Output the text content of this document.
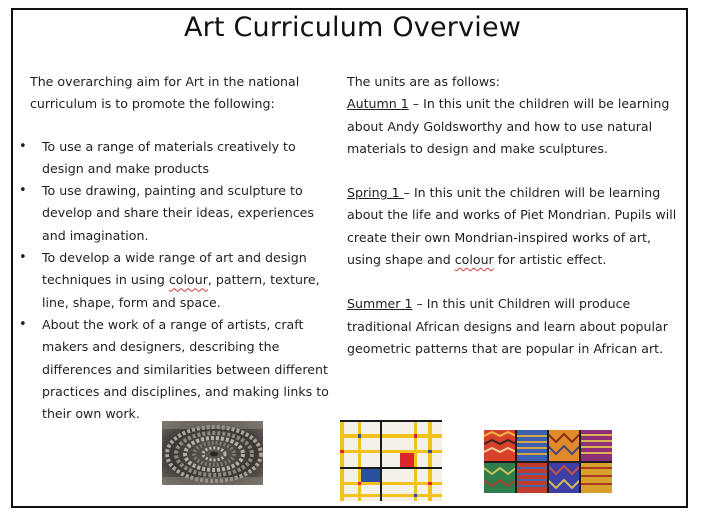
Art Curriculum Overview

The overarching aim for Art in the national curriculum is to promote the following:

• To use a range of materials creatively to design and make products
• To use drawing, painting and sculpture to develop and share their ideas, experiences and imagination.
• To develop a wide range of art and design techniques in using colour, pattern, texture, line, shape, form and space.
• About the work of a range of artists, craft makers and designers, describing the differences and similarities between different practices and disciplines, and making links to their own work.

The units are as follows:
Autumn 1 – In this unit the children will be learning about Andy Goldsworthy and how to use natural materials to design and make sculptures.

Spring 1 – In this unit the children will be learning about the life and works of Piet Mondrian. Pupils will create their own Mondrian-inspired works of art, using shape and colour for artistic effect.

Summer 1 – In this unit Children will produce traditional African designs and learn about popular geometric patterns that are popular in African art.
